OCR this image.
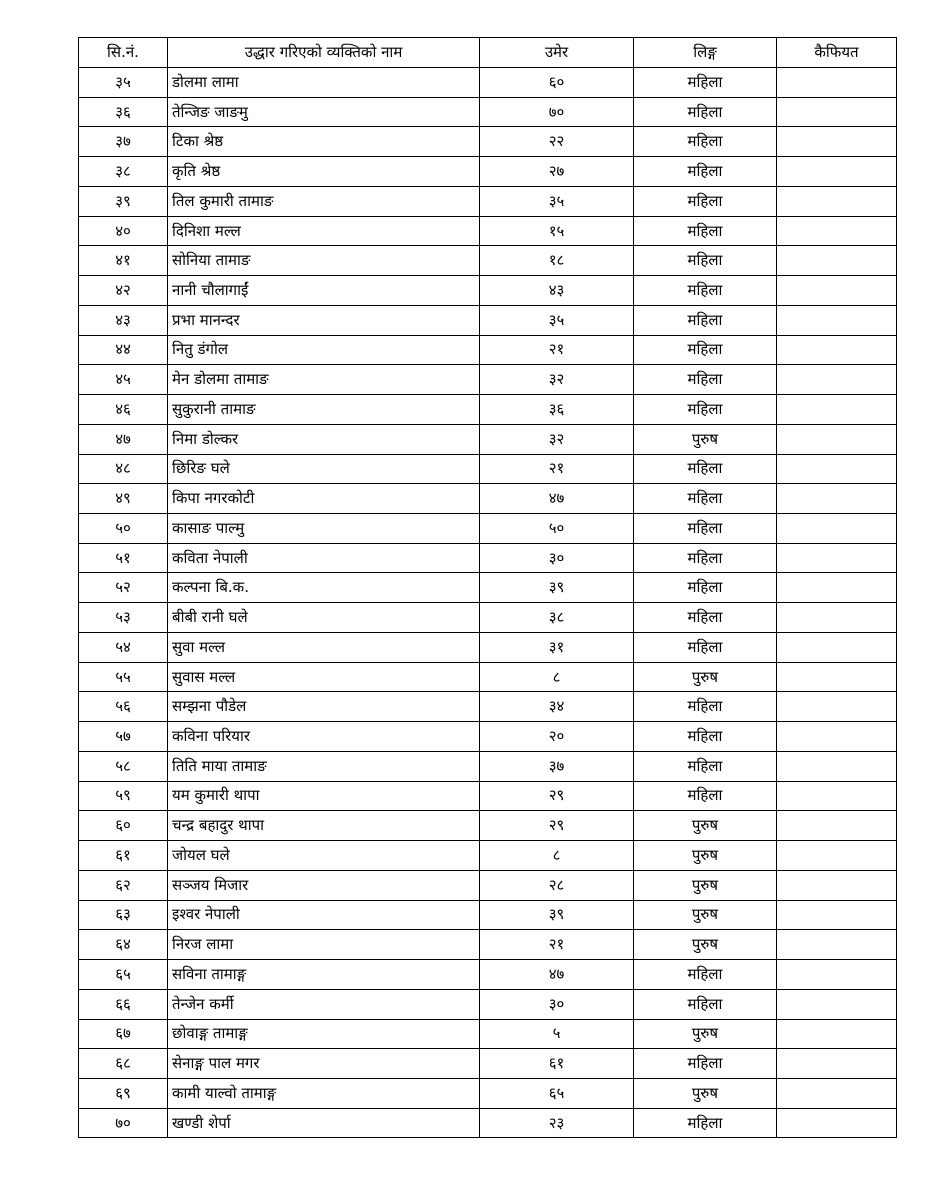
सि.नं.	उद्धार गरिएको व्यक्तिको नाम	उमेर	लिङ्ग	कैफियत
३५	डोलमा लामा	६०	महिला	
३६	तेन्जिङ जाङमु	७०	महिला	
३७	टिका श्रेष्ठ	२२	महिला	
३८	कृति श्रेष्ठ	२७	महिला	
३९	तिल कुमारी तामाङ	३५	महिला	
४०	दिनिशा मल्ल	१५	महिला	
४१	सोनिया तामाङ	१८	महिला	
४२	नानी चौलागाईं	४३	महिला	
४३	प्रभा मानन्दर	३५	महिला	
४४	नितु डंगोल	२१	महिला	
४५	मेन डोलमा तामाङ	३२	महिला	
४६	सुकुरानी तामाङ	३६	महिला	
४७	निमा डोल्कर	३२	पुरुष	
४८	छिरिङ घले	२१	महिला	
४९	किपा नगरकोटी	४७	महिला	
५०	कासाङ पाल्मु	५०	महिला	
५१	कविता नेपाली	३०	महिला	
५२	कल्पना बि.क.	३९	महिला	
५३	बीबी रानी घले	३८	महिला	
५४	सुवा मल्ल	३१	महिला	
५५	सुवास मल्ल	८	पुरुष	
५६	सम्झना पौडेल	३४	महिला	
५७	कविना परियार	२०	महिला	
५८	तिति माया तामाङ	३७	महिला	
५९	यम कुमारी थापा	२९	महिला	
६०	चन्द्र बहादुर थापा	२९	पुरुष	
६१	जोयल घले	८	पुरुष	
६२	सञ्जय मिजार	२८	पुरुष	
६३	इश्वर नेपाली	३९	पुरुष	
६४	निरज लामा	२१	पुरुष	
६५	सविना तामाङ्ग	४७	महिला	
६६	तेन्जेन कर्मी	३०	महिला	
६७	छोवाङ्ग तामाङ्ग	५	पुरुष	
६८	सेनाङ्ग पाल मगर	६१	महिला	
६९	कामी याल्वो तामाङ्ग	६५	पुरुष	
७०	खण्डी शेर्पा	२३	महिला	
